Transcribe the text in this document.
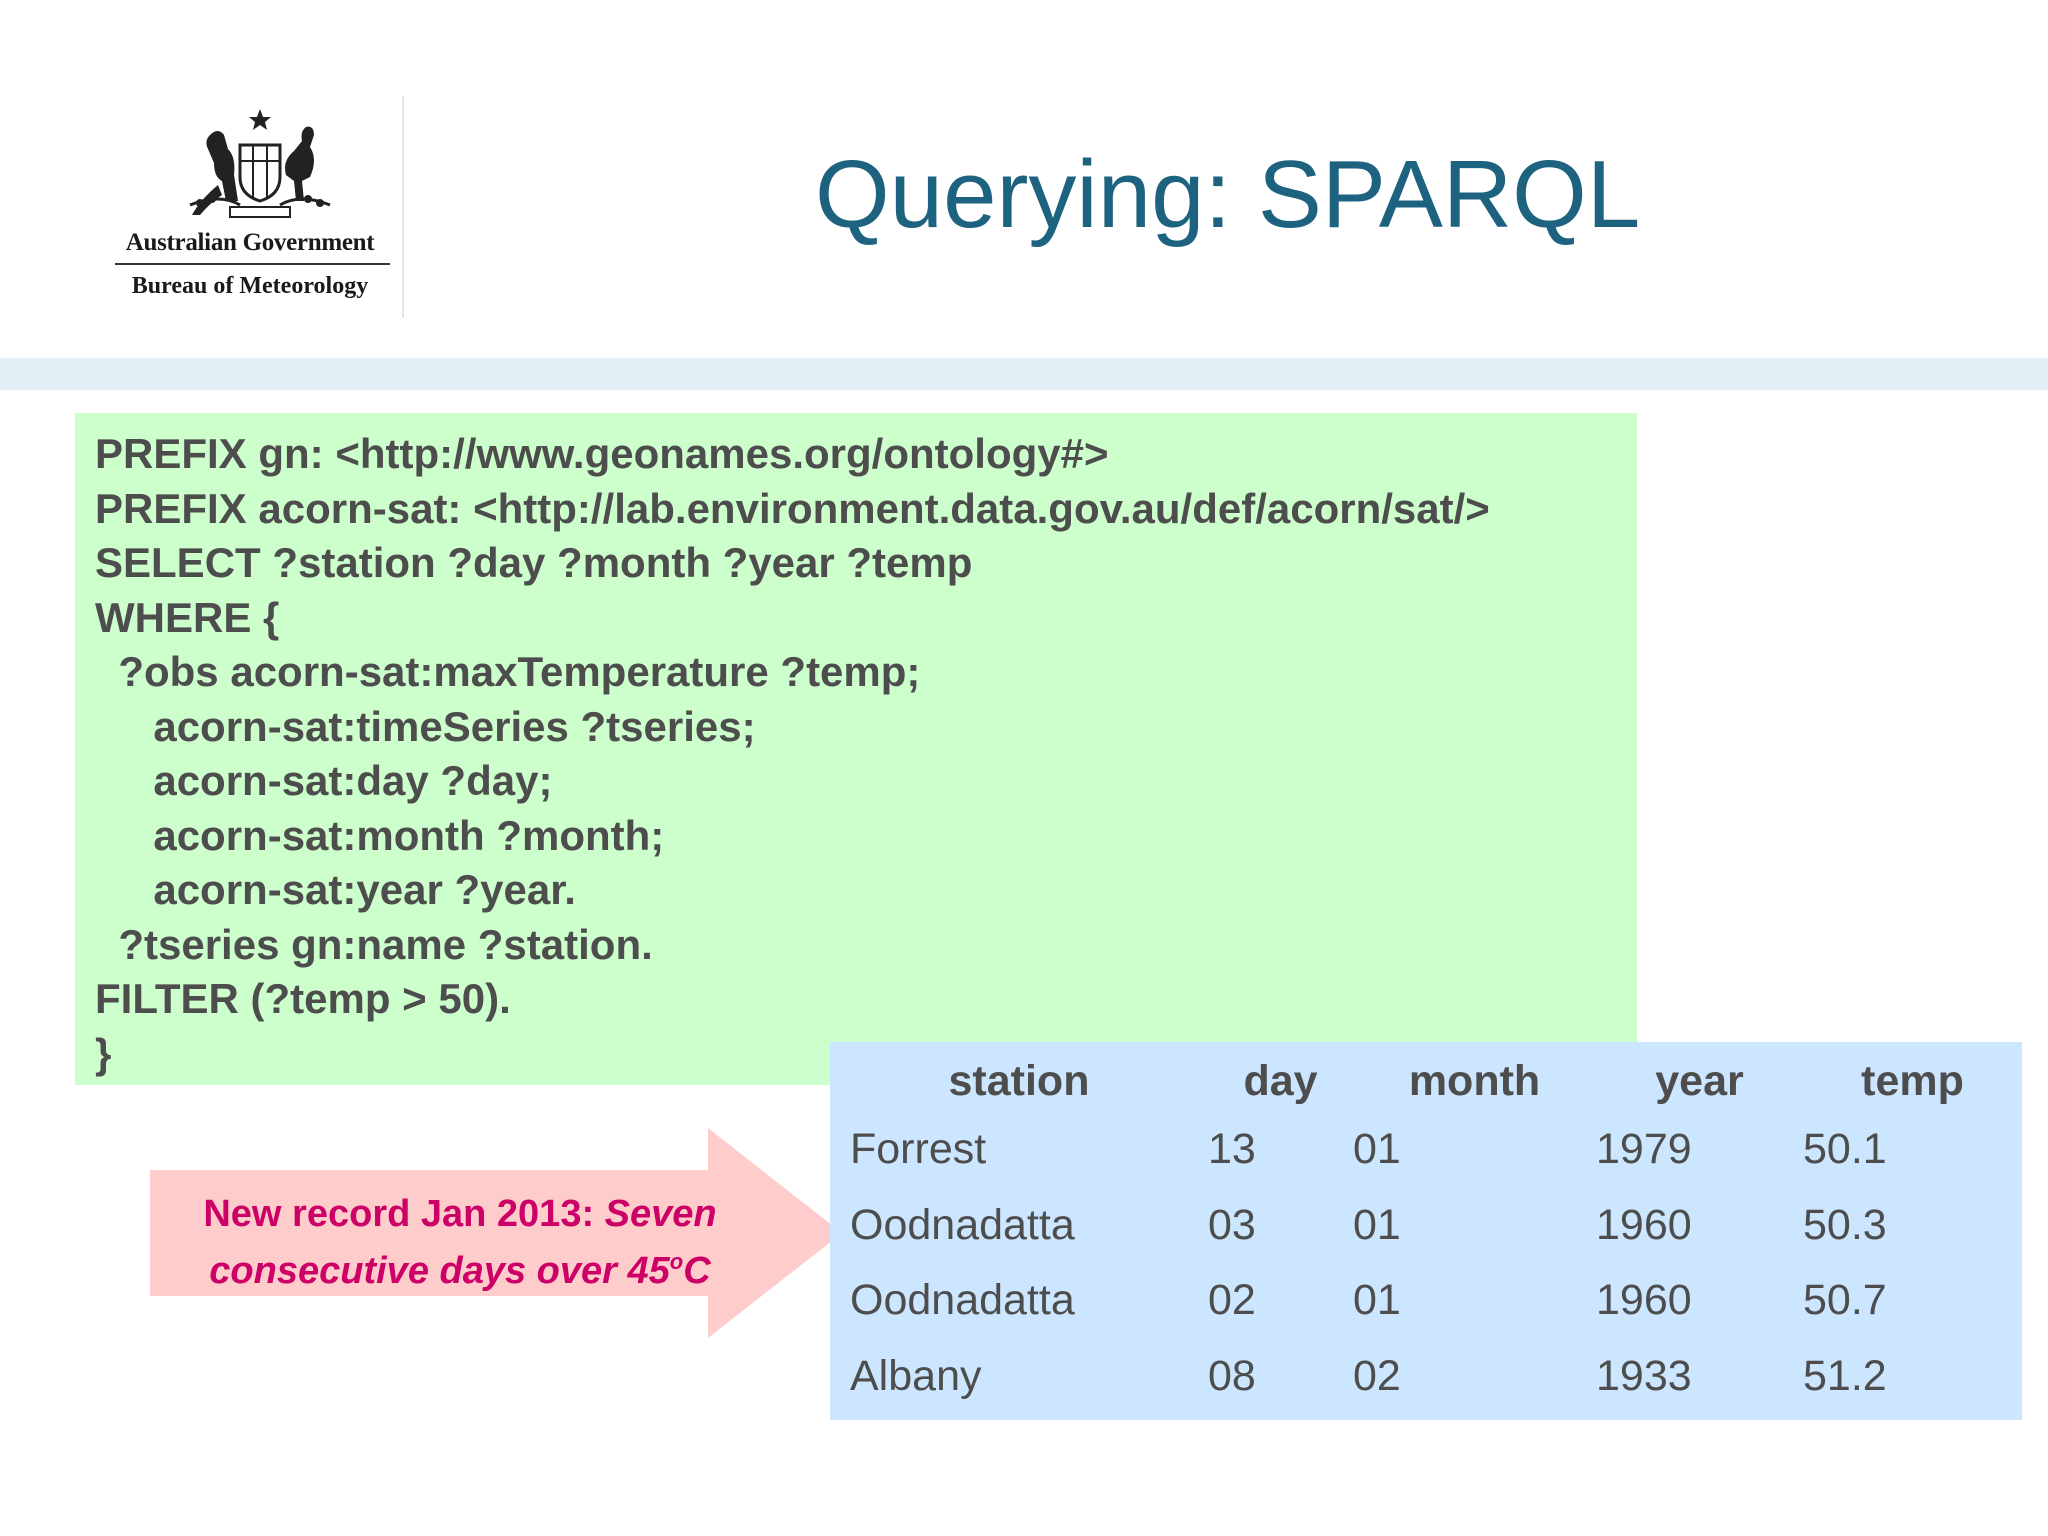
Australian Government
Bureau of Meteorology
Querying: SPARQL
PREFIX gn: <http://www.geonames.org/ontology#>
PREFIX acorn-sat: <http://lab.environment.data.gov.au/def/acorn/sat/>
SELECT ?station ?day ?month ?year ?temp
WHERE {
?obs acorn-sat:maxTemperature ?temp;
acorn-sat:timeSeries ?tseries;
acorn-sat:day ?day;
acorn-sat:month ?month;
acorn-sat:year ?year.
?tseries gn:name ?station.
FILTER (?temp > 50).
}
New record Jan 2013: Seven
consecutive days over 45$^o$C
station	day	month	year	temp
Forrest	13	01	1979	50.1
Oodnadatta	03	01	1960	50.3
Oodnadatta	02	01	1960	50.7
Albany	08	02	1933	51.2
